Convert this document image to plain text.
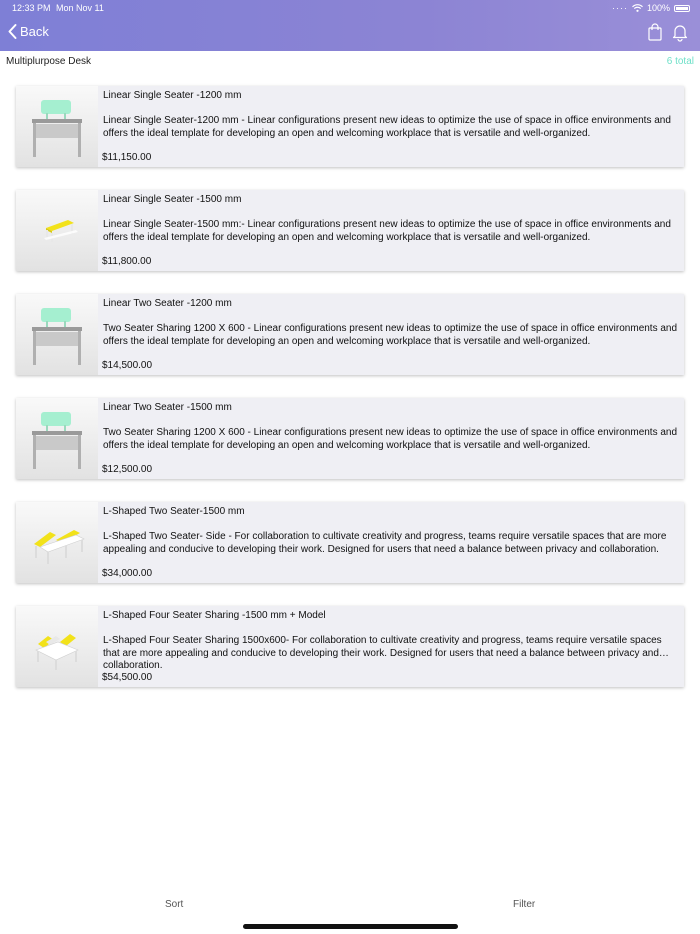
12:33 PM Mon Nov 11	···· 100%
Back
Multiplurpose Desk	6 total
Linear Single Seater -1200 mm
Linear Single Seater-1200 mm - Linear configurations present new ideas to optimize the use of space in office environments and offers the ideal template for developing an open and welcoming workplace that is versatile and well-organized.
$11,150.00
Linear Single Seater -1500 mm
Linear Single Seater-1500 mm:- Linear configurations present new ideas to optimize the use of space in office environments and offers the ideal template for developing an open and welcoming workplace that is versatile and well-organized.
$11,800.00
Linear Two Seater -1200 mm
Two Seater Sharing 1200 X 600 - Linear configurations present new ideas to optimize the use of space in office environments and offers the ideal template for developing an open and welcoming workplace that is versatile and well-organized.
$14,500.00
Linear Two Seater -1500 mm
Two Seater Sharing 1200 X 600 - Linear configurations present new ideas to optimize the use of space in office environments and offers the ideal template for developing an open and welcoming workplace that is versatile and well-organized.
$12,500.00
L-Shaped Two Seater-1500 mm
L-Shaped Two Seater- Side - For collaboration to cultivate creativity and progress, teams require versatile spaces that are more appealing and conducive to developing their work. Designed for users that need a balance between privacy and collaboration.
$34,000.00
L-Shaped Four Seater Sharing -1500 mm + Model
L-Shaped Four Seater Sharing 1500x600- For collaboration to cultivate creativity and progress, teams require versatile spaces that are more appealing and conducive to developing their work. Designed for users that need a balance between privacy and collaboration.
$54,500.00
Sort	Filter
